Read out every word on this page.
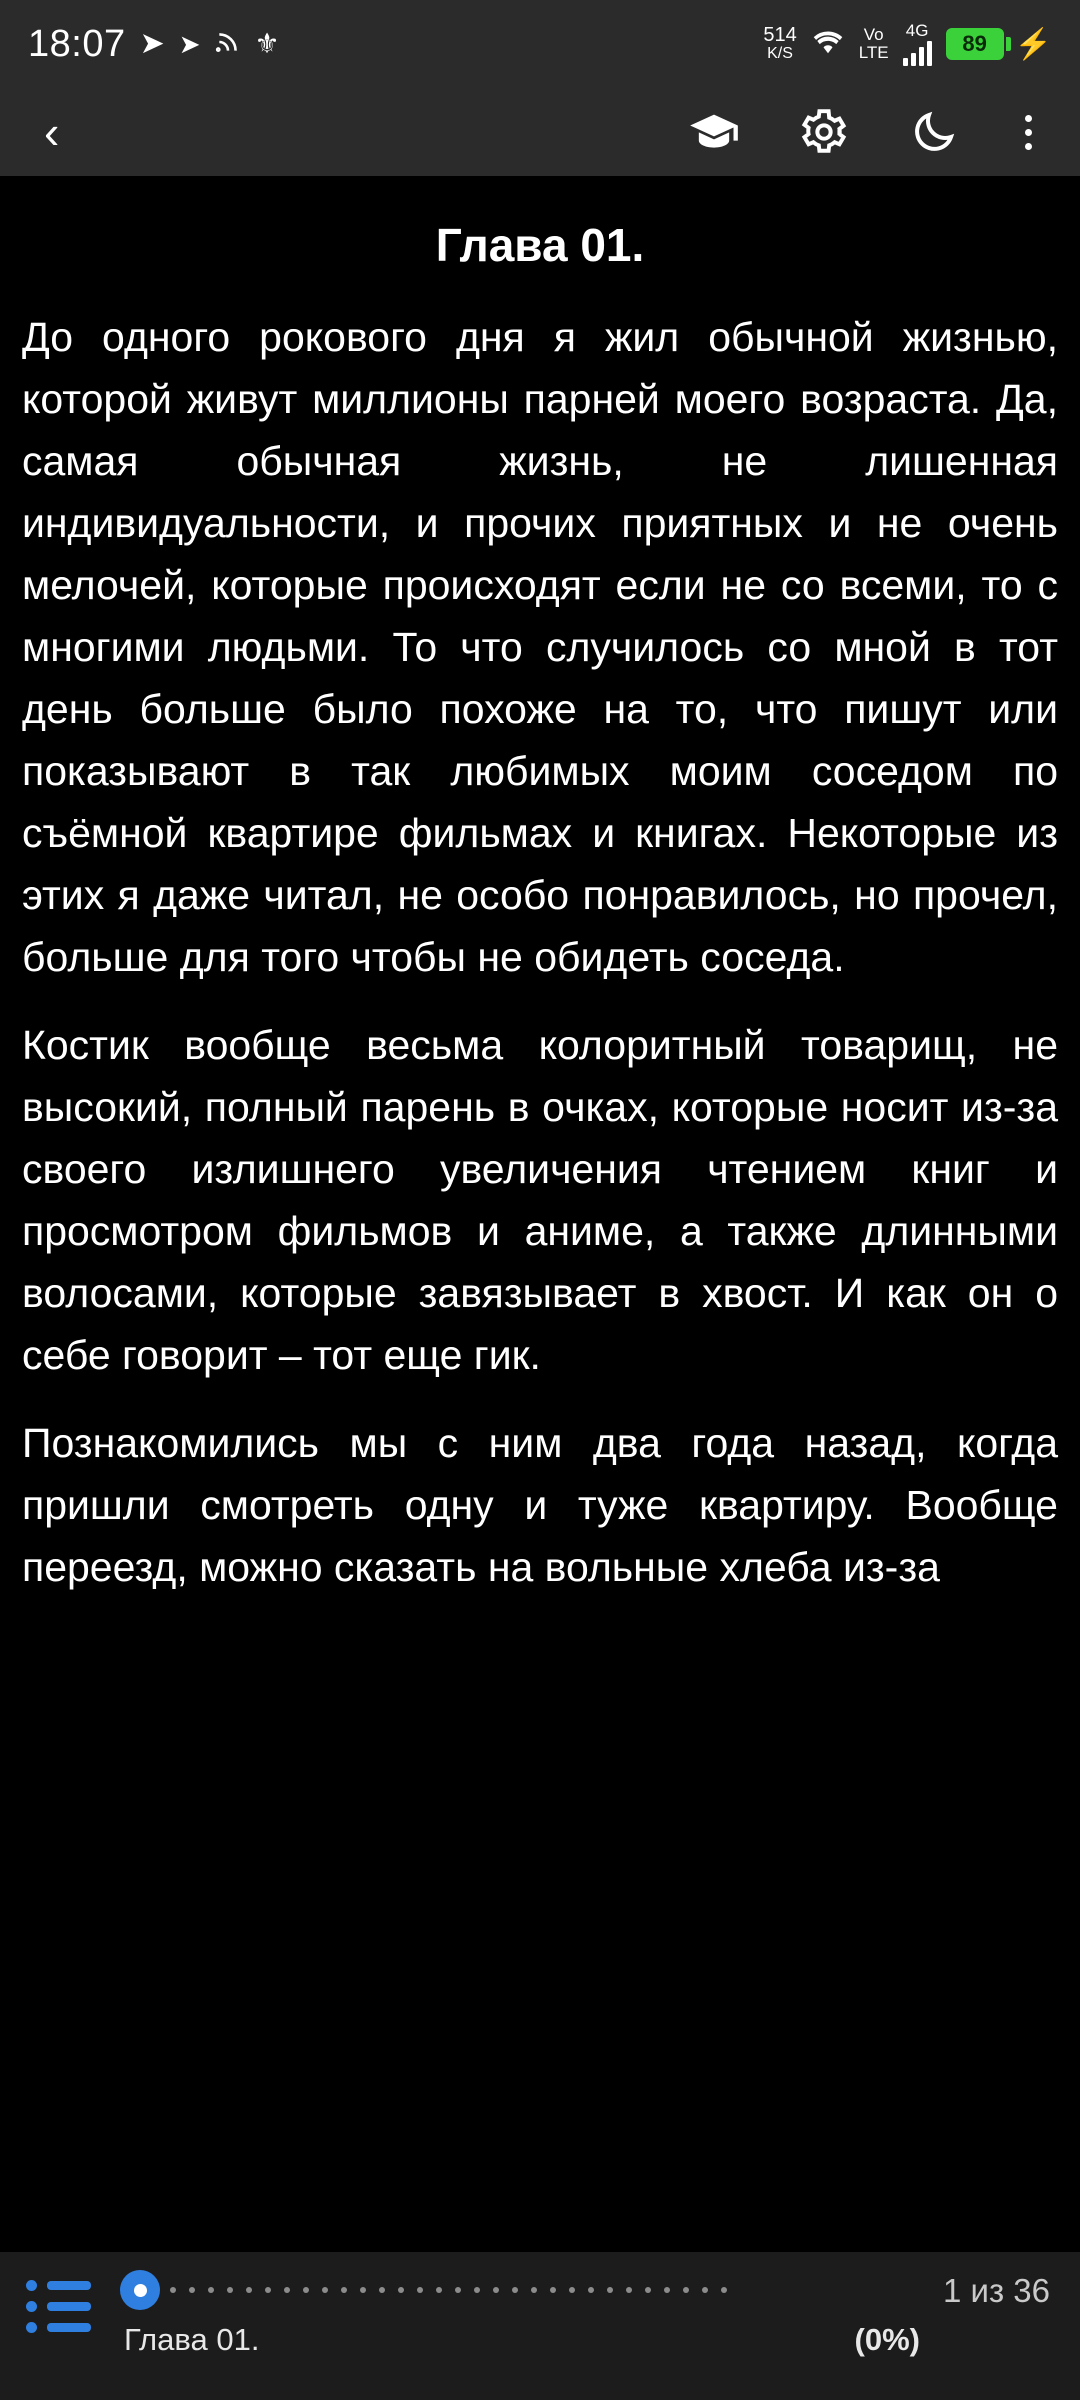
18:07 ➤ ➤ ⚜	514
K/S
Vo
LTE
4G
89 ⚡
‹
Глава 01.

До одного рокового дня я жил обычной жизнью, которой живут миллионы парней моего возраста. Да, самая обычная жизнь, не лишенная индивидуальности, и прочих приятных и не очень мелочей, которые происходят если не со всеми, то с многими людьми. То что случилось со мной в тот день больше было похоже на то, что пишут или показывают в так любимых моим соседом по съёмной квартире фильмах и книгах. Некоторые из этих я даже читал, не особо понравилось, но прочел, больше для того чтобы не обидеть соседа.

Костик вообще весьма колоритный товарищ, не высокий, полный парень в очках, которые носит из-за своего излишнего увеличения чтением книг и просмотром фильмов и аниме, а также длинными волосами, которые завязывает в хвост. И как он о себе говорит – тот еще гик.

Познакомились мы с ним два года назад, когда пришли смотреть одну и туже квартиру. Вообще переезд, можно сказать на вольные хлеба из-за

1 из 36
Глава 01.	(0%)
